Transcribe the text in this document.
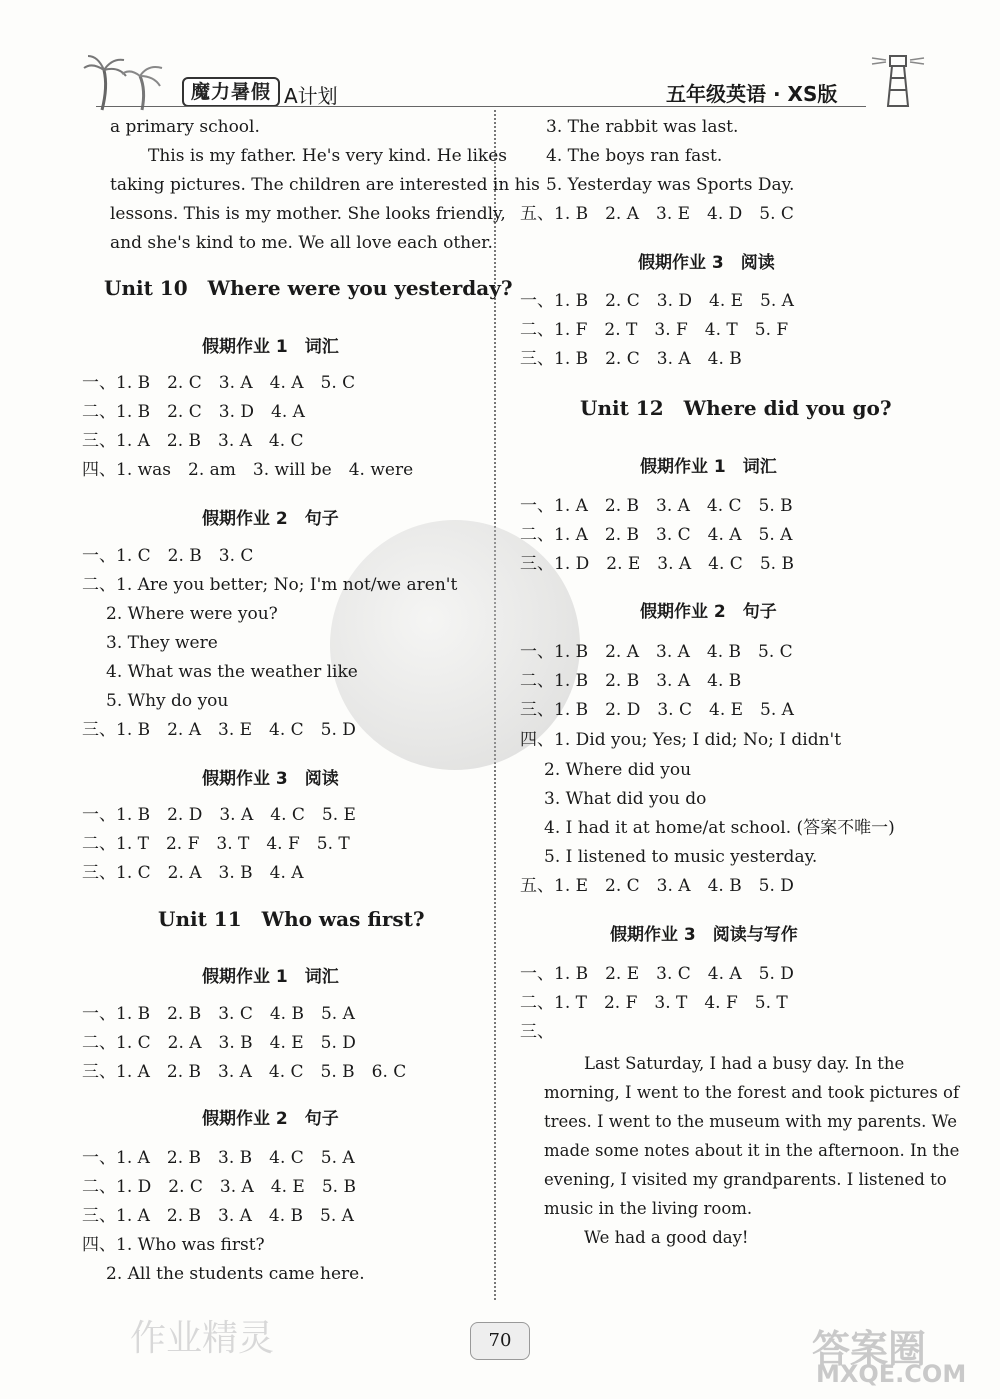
魔力暑假 A计划	五年级英语 · XS版
a primary school.
This is my father. He's very kind. He likes
taking pictures. The children are interested in his
lessons. This is my mother. She looks friendly,
and she's kind to me. We all love each other.
Unit 10　Where were you yesterday?
假期作业 1　词汇
一、1. B　2. C　3. A　4. A　5. C
二、1. B　2. C　3. D　4. A
三、1. A　2. B　3. A　4. C
四、1. was　2. am　3. will be　4. were
假期作业 2　句子
一、1. C　2. B　3. C
二、1. Are you better; No; I'm not/we aren't
2. Where were you?
3. They were
4. What was the weather like
5. Why do you
三、1. B　2. A　3. E　4. C　5. D
假期作业 3　阅读
一、1. B　2. D　3. A　4. C　5. E
二、1. T　2. F　3. T　4. F　5. T
三、1. C　2. A　3. B　4. A
Unit 11　Who was first?
假期作业 1　词汇
一、1. B　2. B　3. C　4. B　5. A
二、1. C　2. A　3. B　4. E　5. D
三、1. A　2. B　3. A　4. C　5. B　6. C
假期作业 2　句子
一、1. A　2. B　3. B　4. C　5. A
二、1. D　2. C　3. A　4. E　5. B
三、1. A　2. B　3. A　4. B　5. A
四、1. Who was first?
2. All the students came here.
3. The rabbit was last.
4. The boys ran fast.
5. Yesterday was Sports Day.
五、1. B　2. A　3. E　4. D　5. C
假期作业 3　阅读
一、1. B　2. C　3. D　4. E　5. A
二、1. F　2. T　3. F　4. T　5. F
三、1. B　2. C　3. A　4. B
Unit 12　Where did you go?
假期作业 1　词汇
一、1. A　2. B　3. A　4. C　5. B
二、1. A　2. B　3. C　4. A　5. A
三、1. D　2. E　3. A　4. C　5. B
假期作业 2　句子
一、1. B　2. A　3. A　4. B　5. C
二、1. B　2. B　3. A　4. B
三、1. B　2. D　3. C　4. E　5. A
四、1. Did you; Yes; I did; No; I didn't
2. Where did you
3. What did you do
4. I had it at home/at school. (答案不唯一)
5. I listened to music yesterday.
五、1. E　2. C　3. A　4. B　5. D
假期作业 3　阅读与写作
一、1. B　2. E　3. C　4. A　5. D
二、1. T　2. F　3. T　4. F　5. T
三、
Last Saturday, I had a busy day. In the
morning, I went to the forest and took pictures of
trees. I went to the museum with my parents. We
made some notes about it in the afternoon. In the
evening, I visited my grandparents. I listened to
music in the living room.
We had a good day!
70
作业精灵	答案圈
MXQE.COM
